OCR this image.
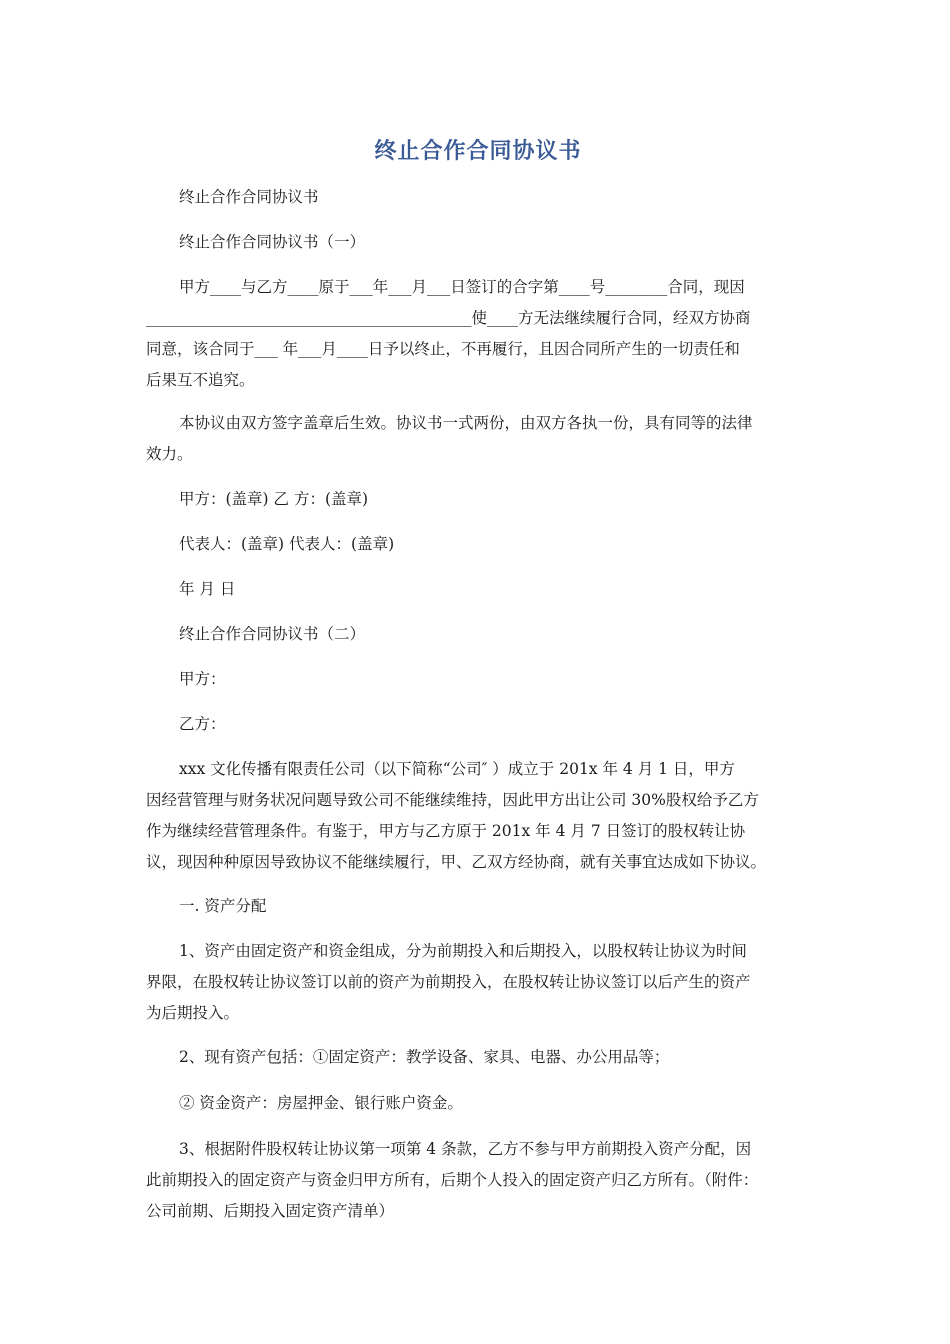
终止合作合同协议书

终止合作合同协议书

终止合作合同协议书（一）

甲方____与乙方____原于___年___月___日签订的合字第____号________合同，现因
__________________________________________使____方无法继续履行合同，经双方协商
同意，该合同于___ 年___月____日予以终止，不再履行，且因合同所产生的一切责任和
后果互不追究。

本协议由双方签字盖章后生效。协议书一式两份，由双方各执一份，具有同等的法律
效力。

甲方：(盖章) 乙 方：(盖章)

代表人：(盖章) 代表人：(盖章)

年 月 日

终止合作合同协议书（二）

甲方：

乙方：

xxx 文化传播有限责任公司（以下简称“公司″ ）成立于 201x 年 4 月 1 日，甲方
因经营管理与财务状况问题导致公司不能继续维持，因此甲方出让公司 30%股权给予乙方
作为继续经营管理条件。有鉴于，甲方与乙方原于 201x 年 4 月 7 日签订的股权转让协
议，现因种种原因导致协议不能继续履行，甲、乙双方经协商，就有关事宜达成如下协议。

一. 资产分配

1、资产由固定资产和资金组成，分为前期投入和后期投入，以股权转让协议为时间
界限，在股权转让协议签订以前的资产为前期投入，在股权转让协议签订以后产生的资产
为后期投入。

2、现有资产包括：①固定资产：教学设备、家具、电器、办公用品等；

② 资金资产：房屋押金、银行账户资金。

3、根据附件股权转让协议第一项第 4 条款，乙方不参与甲方前期投入资产分配，因
此前期投入的固定资产与资金归甲方所有，后期个人投入的固定资产归乙方所有。（附件：
公司前期、后期投入固定资产清单）
